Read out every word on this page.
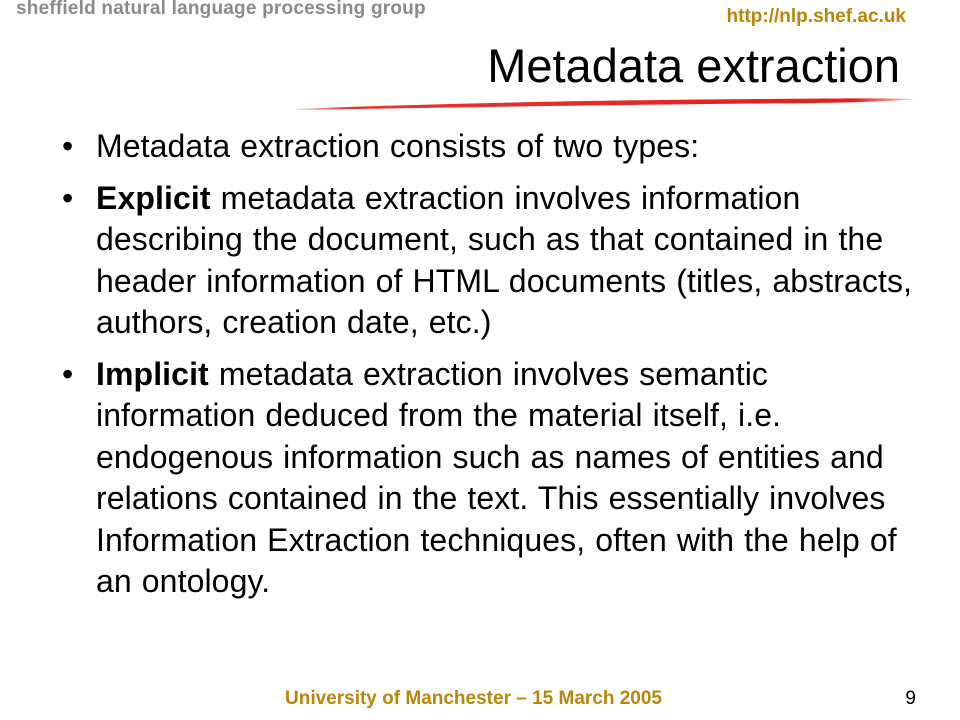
sheffield natural language processing group	http://nlp.shef.ac.uk
Metadata extraction
• Metadata extraction consists of two types:
• Explicit metadata extraction involves information describing the document, such as that contained in the header information of HTML documents (titles, abstracts, authors, creation date, etc.)
• Implicit metadata extraction involves semantic information deduced from the material itself, i.e. endogenous information such as names of entities and relations contained in the text. This essentially involves Information Extraction techniques, often with the help of an ontology.
University of Manchester – 15 March 2005	9
